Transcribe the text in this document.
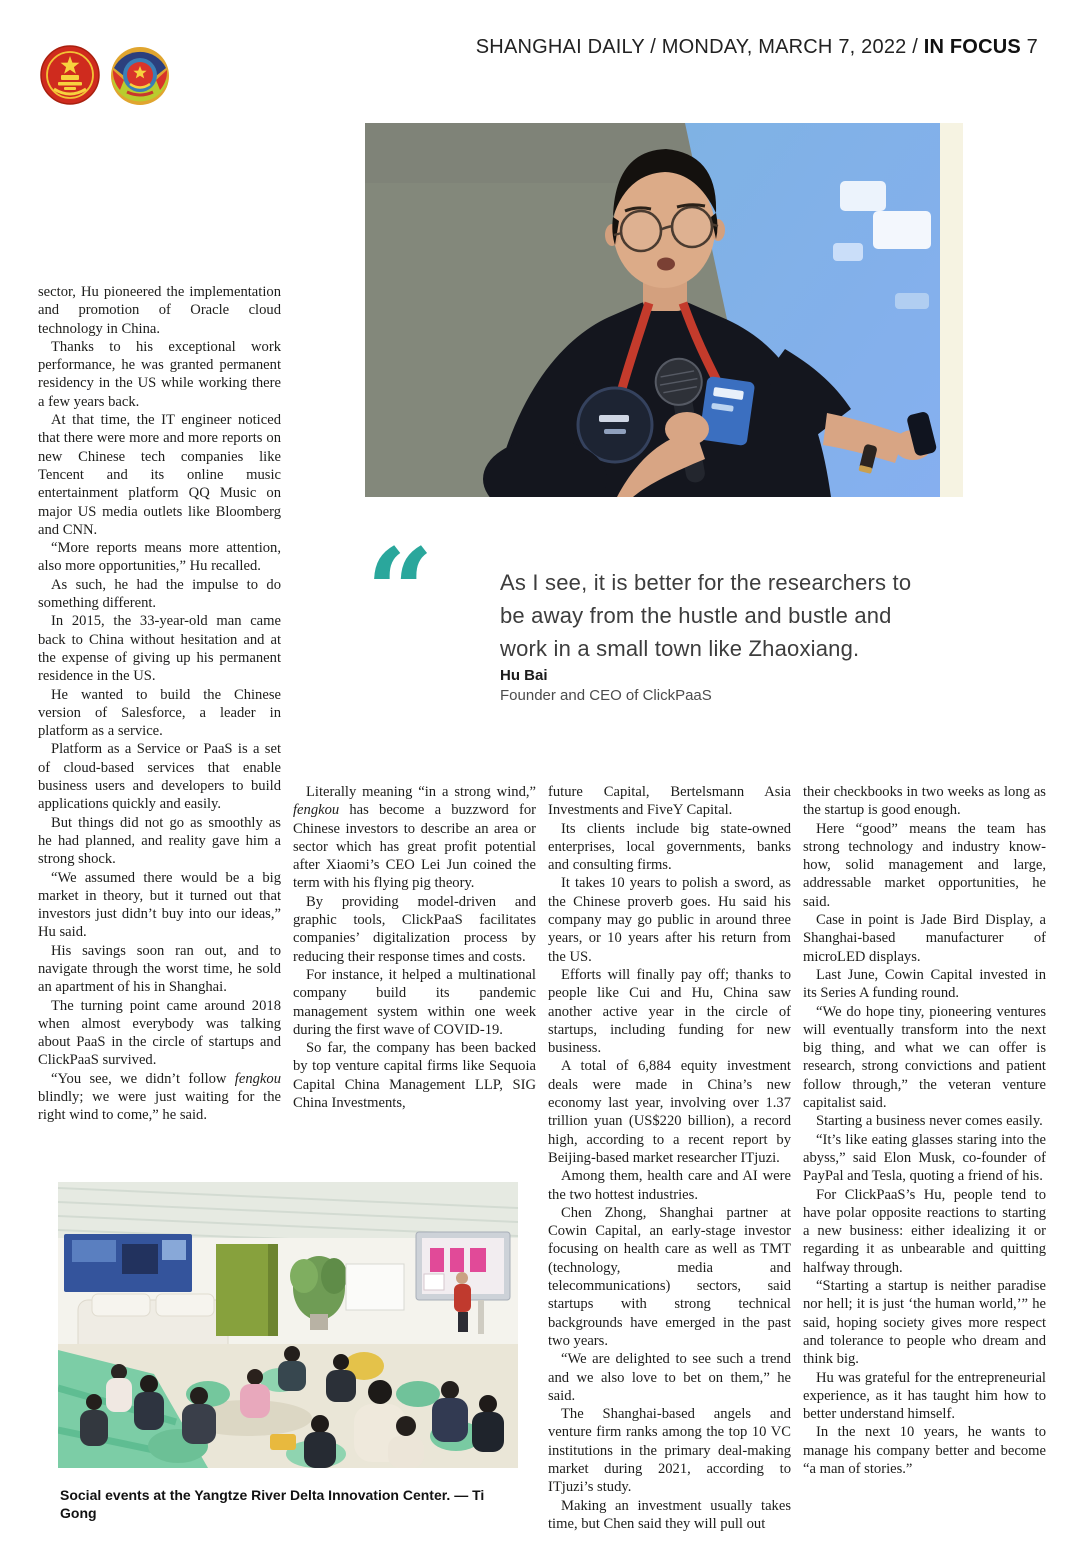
SHANGHAI DAILY / MONDAY, MARCH 7, 2022 / IN FOCUS 7
“	As I see, it is better for the researchers to be away from the hustle and bustle and work in a small town like Zhaoxiang.
Hu Bai
Founder and CEO of ClickPaaS

sector, Hu pioneered the implementation and promotion of Oracle cloud technology in China.

Thanks to his exceptional work performance, he was granted permanent residency in the US while working there a few years back.

At that time, the IT engineer noticed that there were more and more reports on new Chinese tech companies like Tencent and its online music entertainment platform QQ Music on major US media outlets like Bloomberg and CNN.

“More reports means more attention, also more opportunities,” Hu recalled.

As such, he had the impulse to do something different.

In 2015, the 33-year-old man came back to China without hesitation and at the expense of giving up his permanent residence in the US.

He wanted to build the Chinese version of Salesforce, a leader in platform as a service.

Platform as a Service or PaaS is a set of cloud-based services that enable business users and developers to build applications quickly and easily.

But things did not go as smoothly as he had planned, and reality gave him a strong shock.

“We assumed there would be a big market in theory, but it turned out that investors just didn’t buy into our ideas,” Hu said.

His savings soon ran out, and to navigate through the worst time, he sold an apartment of his in Shanghai.

The turning point came around 2018 when almost everybody was talking about PaaS in the circle of startups and ClickPaaS survived.

“You see, we didn’t follow fengkou blindly; we were just waiting for the right wind to come,” he said.

Literally meaning “in a strong wind,” fengkou has become a buzzword for Chinese investors to describe an area or sector which has great profit potential after Xiaomi’s CEO Lei Jun coined the term with his flying pig theory.

By providing model-driven and graphic tools, ClickPaaS facilitates companies’ digitalization process by reducing their response times and costs.

For instance, it helped a multinational company build its pandemic management system within one week during the first wave of COVID-19.

So far, the company has been backed by top venture capital firms like Sequoia Capital China Management LLP, SIG China Investments,

future Capital, Bertelsmann Asia Investments and FiveY Capital.

Its clients include big state-owned enterprises, local governments, banks and consulting firms.

It takes 10 years to polish a sword, as the Chinese proverb goes. Hu said his company may go public in around three years, or 10 years after his return from the US.

Efforts will finally pay off; thanks to people like Cui and Hu, China saw another active year in the circle of startups, including funding for new business.

A total of 6,884 equity investment deals were made in China’s new economy last year, involving over 1.37 trillion yuan (US$220 billion), a record high, according to a recent report by Beijing-based market researcher ITjuzi.

Among them, health care and AI were the two hottest industries.

Chen Zhong, Shanghai partner at Cowin Capital, an early-stage investor focusing on health care as well as TMT (technology, media and telecommunications) sectors, said startups with strong technical backgrounds have emerged in the past two years.

“We are delighted to see such a trend and we also love to bet on them,” he said.

The Shanghai-based angels and venture firm ranks among the top 10 VC institutions in the primary deal-making market during 2021, according to ITjuzi’s study.

Making an investment usually takes time, but Chen said they will pull out

their checkbooks in two weeks as long as the startup is good enough.

Here “good” means the team has strong technology and industry know-how, solid management and large, addressable market opportunities, he said.

Case in point is Jade Bird Display, a Shanghai-based manufacturer of microLED displays.

Last June, Cowin Capital invested in its Series A funding round.

“We do hope tiny, pioneering ventures will eventually transform into the next big thing, and what we can offer is research, strong convictions and patient follow through,” the veteran venture capitalist said.

Starting a business never comes easily.

“It’s like eating glasses staring into the abyss,” said Elon Musk, co-founder of PayPal and Tesla, quoting a friend of his.

For ClickPaaS’s Hu, people tend to have polar opposite reactions to starting a new business: either idealizing it or regarding it as unbearable and quitting halfway through.

“Starting a startup is neither paradise nor hell; it is just ‘the human world,’” he said, hoping society gives more respect and tolerance to people who dream and think big.

Hu was grateful for the entrepreneurial experience, as it has taught him how to better understand himself.

In the next 10 years, he wants to manage his company better and become “a man of stories.”

Social events at the Yangtze River Delta Innovation Center. — Ti Gong
